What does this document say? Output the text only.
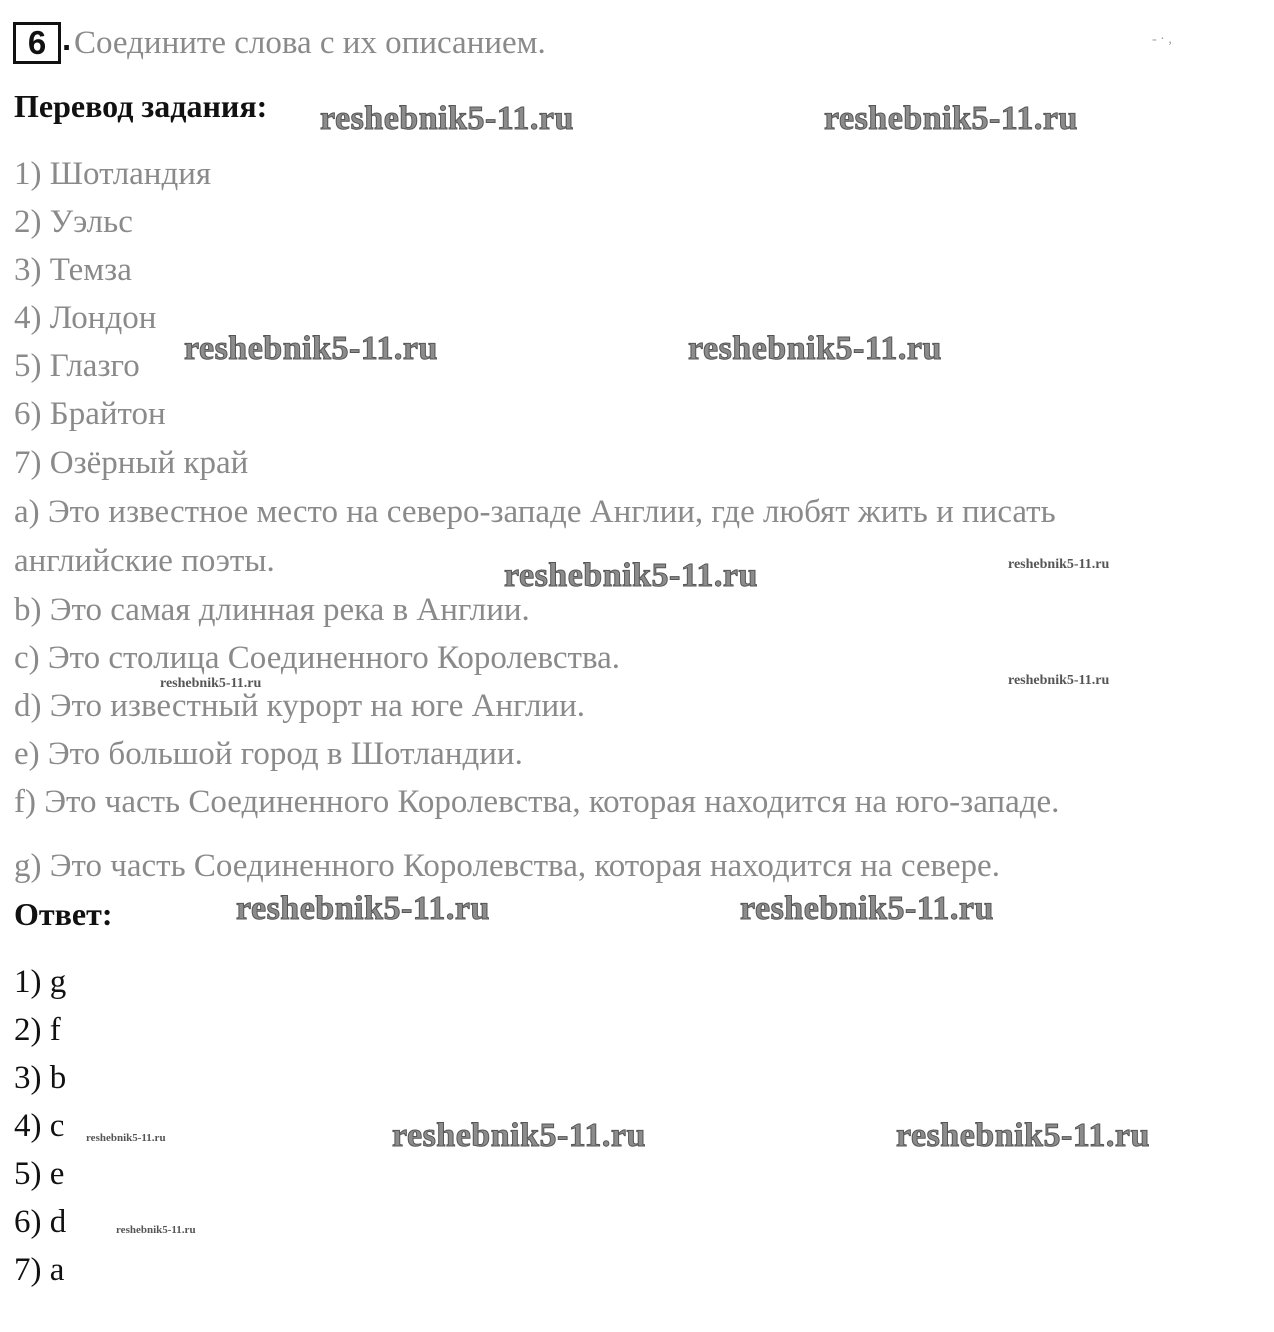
6 . Соедините слова с их описанием.	- · ,
Перевод задания:
1) Шотландия
2) Уэльс
3) Темза
4) Лондон
5) Глазго
6) Брайтон
7) Озёрный край
a) Это известное место на северо-западе Англии, где любят жить и писать
английские поэты.
b) Это самая длинная река в Англии.
c) Это столица Соединенного Королевства.
d) Это известный курорт на юге Англии.
e) Это большой город в Шотландии.
f) Это часть Соединенного Королевства, которая находится на юго-западе.
g) Это часть Соединенного Королевства, которая находится на севере.
Ответ:
1) g
2) f
3) b
4) c
5) e
6) d
7) a
reshebnik5-11.ru	reshebnik5-11.ru
reshebnik5-11.ru	reshebnik5-11.ru
reshebnik5-11.ru	reshebnik5-11.ru
reshebnik5-11.ru	reshebnik5-11.ru
reshebnik5-11.ru	reshebnik5-11.ru
reshebnik5-11.ru	reshebnik5-11.ru	reshebnik5-11.ru
reshebnik5-11.ru
